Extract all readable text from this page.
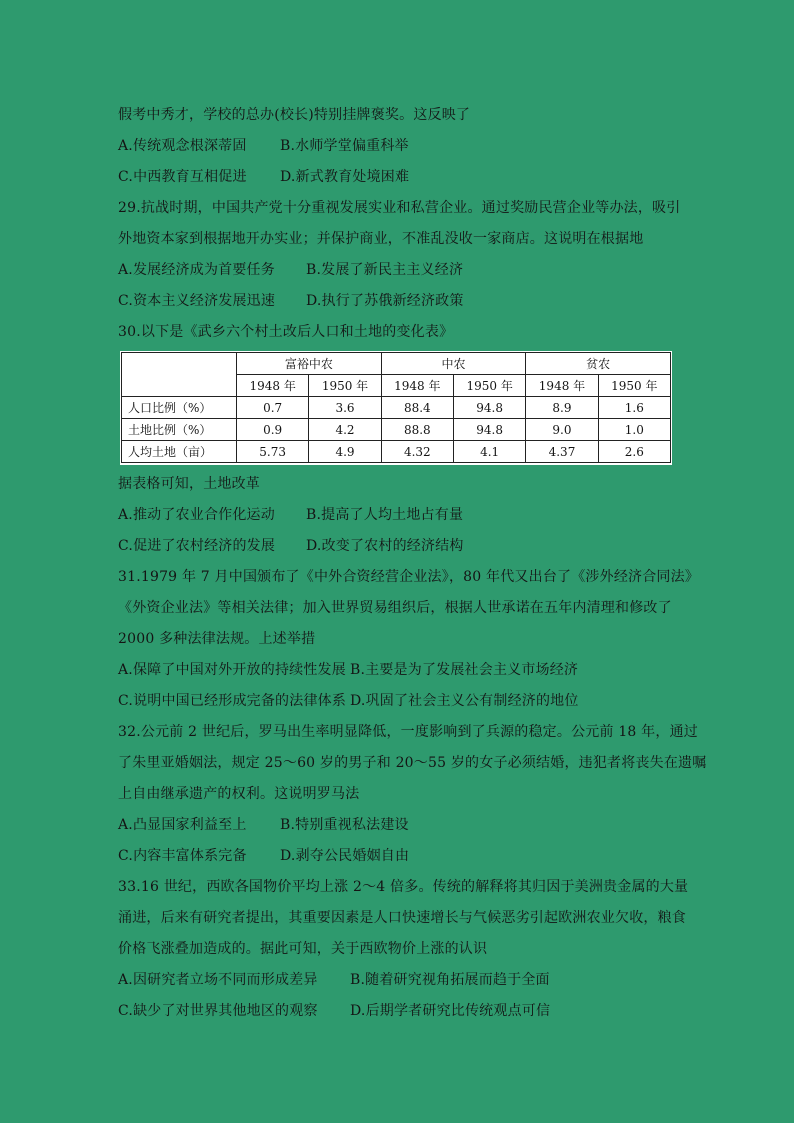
假考中秀才，学校的总办(校长)特别挂牌褒奖。这反映了
A.传统观念根深蒂固	B.水师学堂偏重科举
C.中西教育互相促进	D.新式教育处境困难
29.抗战时期，中国共产党十分重视发展实业和私营企业。通过奖励民营企业等办法，吸引
外地资本家到根据地开办实业；并保护商业，不准乱没收一家商店。这说明在根据地
A.发展经济成为首要任务	B.发展了新民主主义经济
C.资本主义经济发展迅速	D.执行了苏俄新经济政策
30.以下是《武乡六个村土改后人口和土地的变化表》
	富裕中农		中农		贫农	
	1948 年	1950 年	1948 年	1950 年	1948 年	1950 年
人口比例（%）	0.7	3.6	88.4	94.8	8.9	1.6
土地比例（%）	0.9	4.2	88.8	94.8	9.0	1.0
人均土地（亩）	5.73	4.9	4.32	4.1	4.37	2.6
据表格可知，土地改革
A.推动了农业合作化运动	B.提高了人均土地占有量
C.促进了农村经济的发展	D.改变了农村的经济结构
31.1979 年 7 月中国颁布了《中外合资经营企业法》，80 年代又出台了《涉外经济合同法》
《外资企业法》等相关法律；加入世界贸易组织后，根据人世承诺在五年内清理和修改了
2000 多种法律法规。上述举措
A.保障了中国对外开放的持续性发展 B.主要是为了发展社会主义市场经济
C.说明中国已经形成完备的法律体系 D.巩固了社会主义公有制经济的地位
32.公元前 2 世纪后，罗马出生率明显降低，一度影响到了兵源的稳定。公元前 18 年，通过
了朱里亚婚姻法，规定 25～60 岁的男子和 20～55 岁的女子必须结婚，违犯者将丧失在遗嘱
上自由继承遗产的权利。这说明罗马法
A.凸显国家利益至上	B.特别重视私法建设
C.内容丰富体系完备	D.剥夺公民婚姻自由
33.16 世纪，西欧各国物价平均上涨 2～4 倍多。传统的解释将其归因于美洲贵金属的大量
涌进，后来有研究者提出，其重要因素是人口快速增长与气候恶劣引起欧洲农业欠收，粮食
价格飞涨叠加造成的。据此可知，关于西欧物价上涨的认识
A.因研究者立场不同而形成差异	B.随着研究视角拓展而趋于全面
C.缺少了对世界其他地区的观察	D.后期学者研究比传统观点可信
